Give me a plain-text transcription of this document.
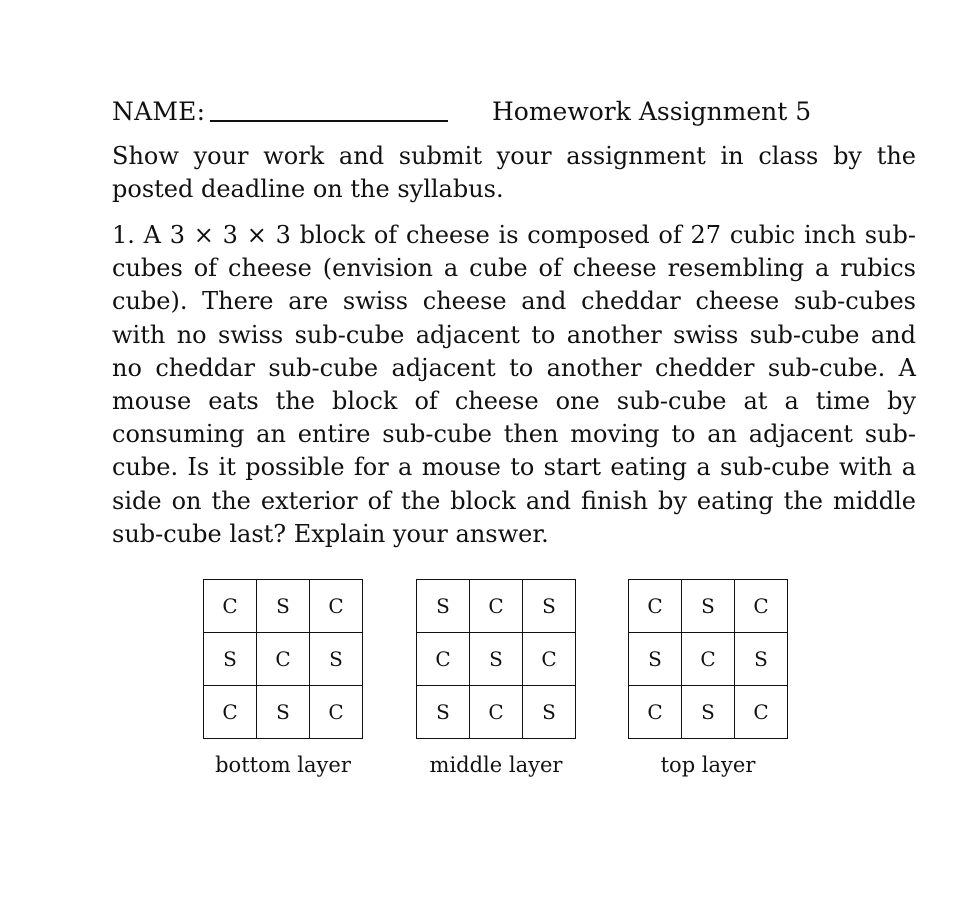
NAME:	Homework Assignment 5

Show your work and submit your assignment in class by the posted deadline on the syllabus.

1. A 3 × 3 × 3 block of cheese is composed of 27 cubic inch sub-cubes of cheese (envision a cube of cheese resembling a rubics cube). There are swiss cheese and cheddar cheese sub-cubes with no swiss sub-cube adjacent to another swiss sub-cube and no cheddar sub-cube adjacent to another chedder sub-cube. A mouse eats the block of cheese one sub-cube at a time by consuming an entire sub-cube then moving to an adjacent sub-cube. Is it possible for a mouse to start eating a sub-cube with a side on the exterior of the block and finish by eating the middle sub-cube last? Explain your answer.

C	S	C
S	C	S
C	S	C
bottom layer
S	C	S
C	S	C
S	C	S
middle layer
C	S	C
S	C	S
C	S	C
top layer
